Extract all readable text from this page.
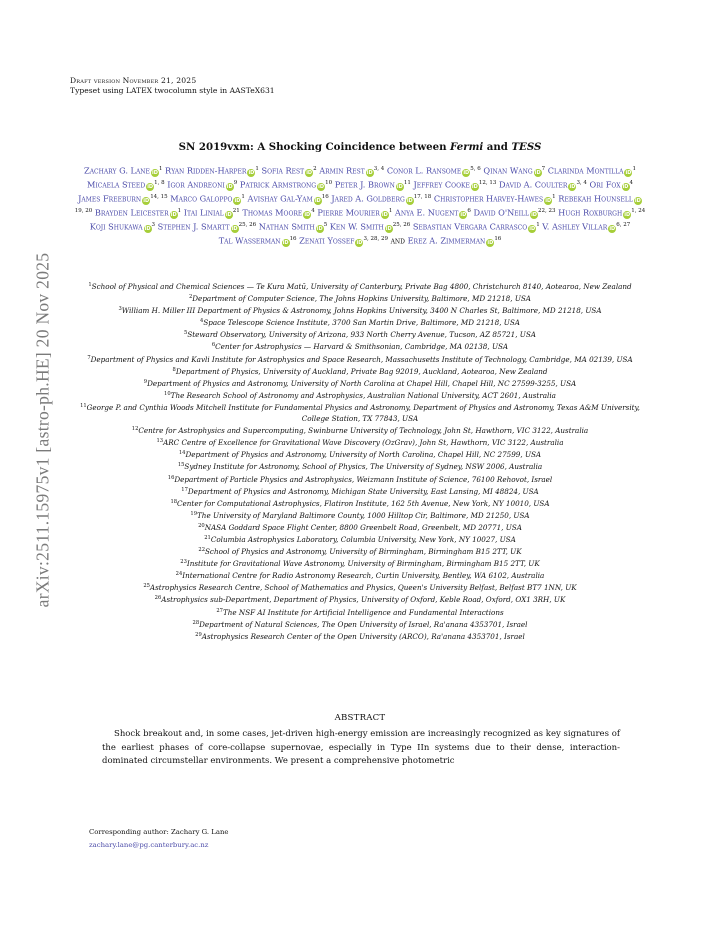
Draft version November 21, 2025
Typeset using LATEX twocolumn style in AASTeX631
arXiv:2511.15975v1 [astro-ph.HE] 20 Nov 2025
SN 2019vxm: A Shocking Coincidence between Fermi and TESS
Zachary G. Lane $iD^1$ Ryan Ridden-Harper $iD^1$ Sofia Rest $iD^2$ Armin Rest iD$^{3, 4}$ Conor L. Ransome iD$^{5, 6}$ Qinan Wang $iD^7$ Clarinda Montilla $iD^1$ Micaela Steed iD$^{1, 8}$ Igor Andreoni $iD^9$ Patrick Armstrong $iD^{10}$ Peter J. Brown $iD^{11}$ Jeffrey Cooke iD$^{12, 13}$ David A. Coulter iD$^{3, 4}$ Ori Fox $iD^4$ James Freeburn iD$^{14, 15}$ Marco Galoppo $iD^1$ Avishay Gal-Yam $iD^{16}$ Jared A. Goldberg iD$^{17, 18}$ Christopher Harvey-Hawes $iD^1$ Rebekah Hounsell iD$^{19, 20}$ Brayden Leicester $iD^1$ Itai Linial $iD^{21}$ Thomas Moore $iD^4$ Pierre Mourier $iD^1$ Anya E. Nugent $iD^6$ David O'Neill iD$^{22, 23}$ Hugh Roxburgh iD$^{1, 24}$ Koji Shukawa $iD^3$ Stephen J. Smartt iD$^{25, 26}$ Nathan Smith $iD^5$ Ken W. Smith iD$^{25, 26}$ Sebastian Vergara Carrasco $iD^1$ V. Ashley Villar iD$^{6, 27}$ Tal Wasserman $iD^{16}$ Zenati Yossef iD$^{3, 28, 29}$ and Erez A. Zimmerman $iD^{16}$
$^1$School of Physical and Chemical Sciences — Te Kura Matū, University of Canterbury, Private Bag 4800, Christchurch 8140, Aotearoa, New Zealand
$^2$Department of Computer Science, The Johns Hopkins University, Baltimore, MD 21218, USA
$^3$William H. Miller III Department of Physics & Astronomy, Johns Hopkins University, 3400 N Charles St, Baltimore, MD 21218, USA
$^4$Space Telescope Science Institute, 3700 San Martin Drive, Baltimore, MD 21218, USA
$^5$Steward Observatory, University of Arizona, 933 North Cherry Avenue, Tucson, AZ 85721, USA
$^6$Center for Astrophysics — Harvard & Smithsonian, Cambridge, MA 02138, USA
$^7$Department of Physics and Kavli Institute for Astrophysics and Space Research, Massachusetts Institute of Technology, Cambridge, MA 02139, USA
$^8$Department of Physics, University of Auckland, Private Bag 92019, Auckland, Aotearoa, New Zealand
$^9$Department of Physics and Astronomy, University of North Carolina at Chapel Hill, Chapel Hill, NC 27599-3255, USA
$^{10}$The Research School of Astronomy and Astrophysics, Australian National University, ACT 2601, Australia
$^{11}$George P. and Cynthia Woods Mitchell Institute for Fundamental Physics and Astronomy, Department of Physics and Astronomy, Texas A&M University, College Station, TX 77843, USA
$^{12}$Centre for Astrophysics and Supercomputing, Swinburne University of Technology, John St, Hawthorn, VIC 3122, Australia
$^{13}$ARC Centre of Excellence for Gravitational Wave Discovery (OzGrav), John St, Hawthorn, VIC 3122, Australia
$^{14}$Department of Physics and Astronomy, University of North Carolina, Chapel Hill, NC 27599, USA
$^{15}$Sydney Institute for Astronomy, School of Physics, The University of Sydney, NSW 2006, Australia
$^{16}$Department of Particle Physics and Astrophysics, Weizmann Institute of Science, 76100 Rehovot, Israel
$^{17}$Department of Physics and Astronomy, Michigan State University, East Lansing, MI 48824, USA
$^{18}$Center for Computational Astrophysics, Flatiron Institute, 162 5th Avenue, New York, NY 10010, USA
$^{19}$The University of Maryland Baltimore County, 1000 Hilltop Cir, Baltimore, MD 21250, USA
$^{20}$NASA Goddard Space Flight Center, 8800 Greenbelt Road, Greenbelt, MD 20771, USA
$^{21}$Columbia Astrophysics Laboratory, Columbia University, New York, NY 10027, USA
$^{22}$School of Physics and Astronomy, University of Birmingham, Birmingham B15 2TT, UK
$^{23}$Institute for Gravitational Wave Astronomy, University of Birmingham, Birmingham B15 2TT, UK
$^{24}$International Centre for Radio Astronomy Research, Curtin University, Bentley, WA 6102, Australia
$^{25}$Astrophysics Research Centre, School of Mathematics and Physics, Queen's University Belfast, Belfast BT7 1NN, UK
$^{26}$Astrophysics sub-Department, Department of Physics, University of Oxford, Keble Road, Oxford, OX1 3RH, UK
$^{27}$The NSF AI Institute for Artificial Intelligence and Fundamental Interactions
$^{28}$Department of Natural Sciences, The Open University of Israel, Ra'anana 4353701, Israel
$^{29}$Astrophysics Research Center of the Open University (ARCO), Ra'anana 4353701, Israel
ABSTRACT
Shock breakout and, in some cases, jet-driven high-energy emission are increasingly recognized as key signatures of the earliest phases of core-collapse supernovae, especially in Type IIn systems due to their dense, interaction-dominated circumstellar environments. We present a comprehensive photometric
Corresponding author: Zachary G. Lane
zachary.lane@pg.canterbury.ac.nz
